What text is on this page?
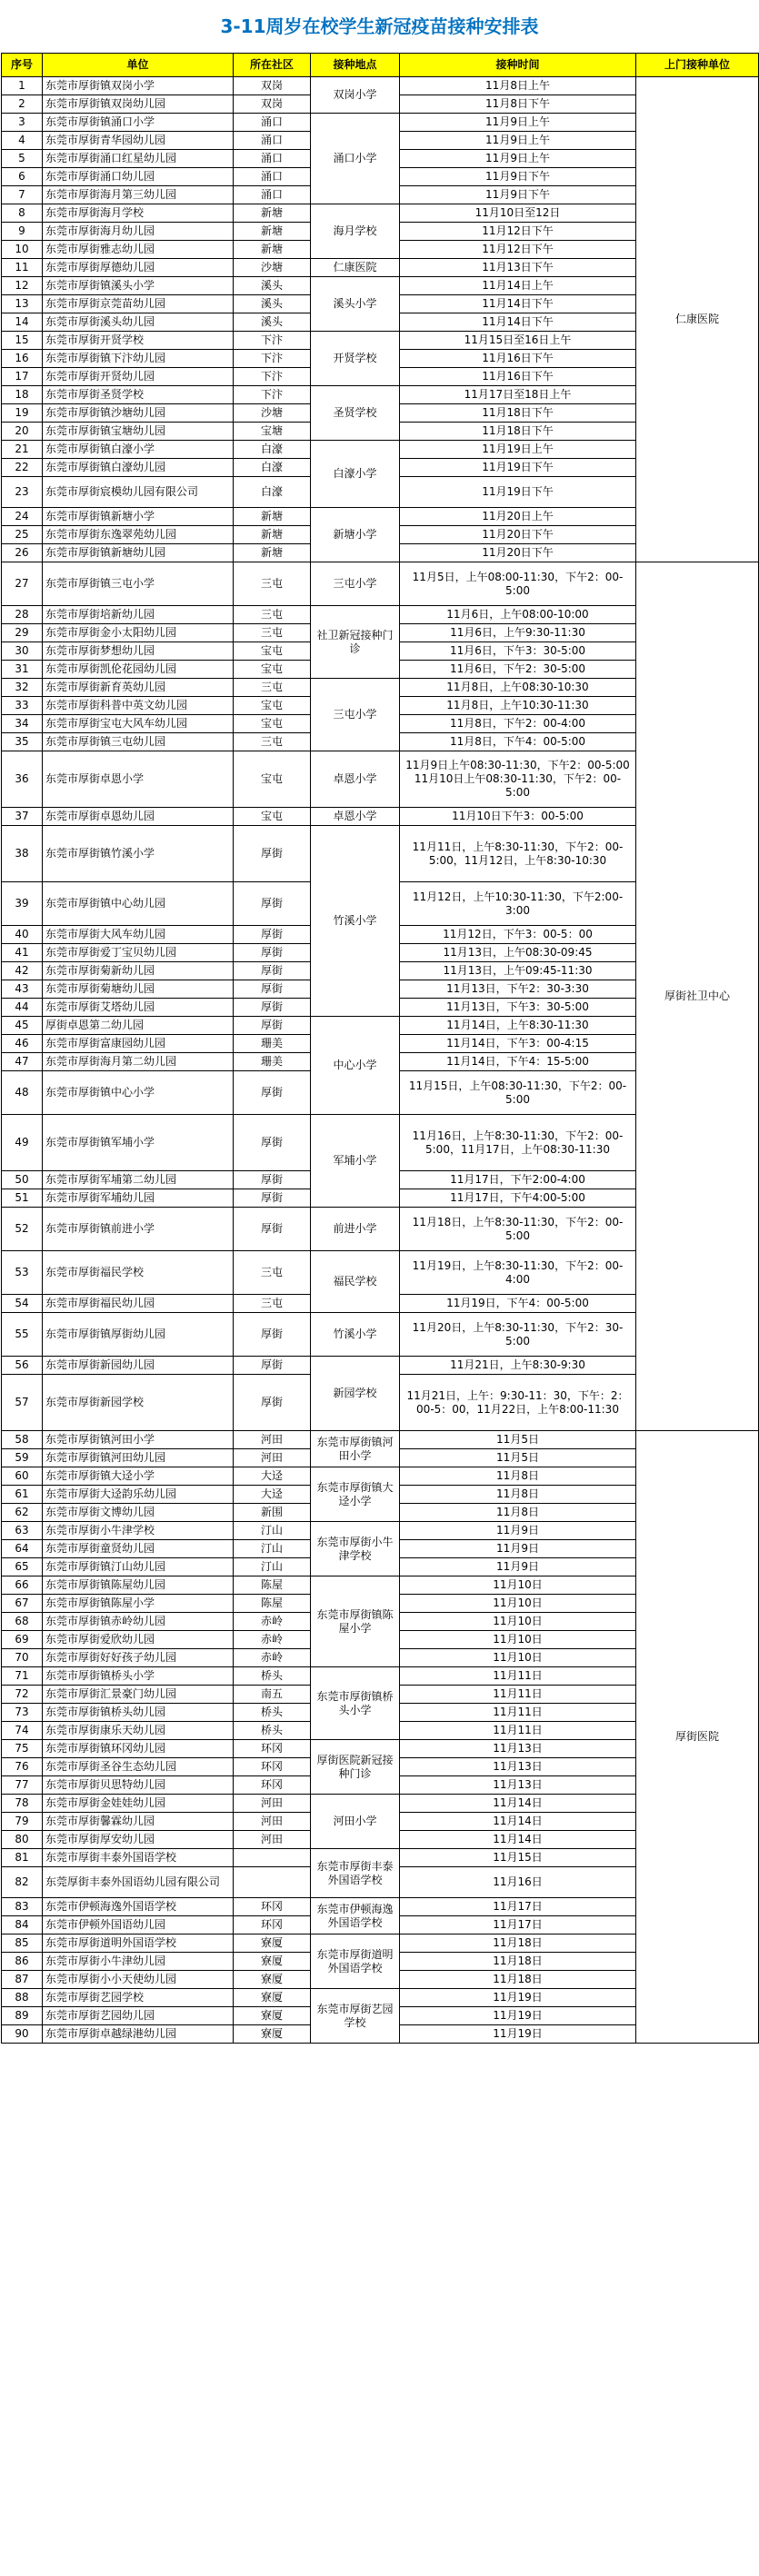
3-11周岁在校学生新冠疫苗接种安排表
序号	单位	所在社区	接种地点	接种时间	上门接种单位
1	东莞市厚街镇双岗小学	双岗	双岗小学	11月8日上午	仁康医院
2	东莞市厚街镇双岗幼儿园	双岗		11月8日下午	
3	东莞市厚街镇涌口小学	涌口	涌口小学	11月9日上午	
4	东莞市厚街青华园幼儿园	涌口		11月9日上午	
5	东莞市厚街涌口红星幼儿园	涌口		11月9日上午	
6	东莞市厚街涌口幼儿园	涌口		11月9日下午	
7	东莞市厚街海月第三幼儿园	涌口		11月9日下午	
8	东莞市厚街海月学校	新塘	海月学校	11月10日至12日	
9	东莞市厚街海月幼儿园	新塘		11月12日下午	
10	东莞市厚街雅志幼儿园	新塘		11月12日下午	
11	东莞市厚街厚德幼儿园	沙塘	仁康医院	11月13日下午	
12	东莞市厚街镇溪头小学	溪头	溪头小学	11月14日上午	
13	东莞市厚街京莞苗幼儿园	溪头		11月14日下午	
14	东莞市厚街溪头幼儿园	溪头		11月14日下午	
15	东莞市厚街开贤学校	下汴	开贤学校	11月15日至16日上午	
16	东莞市厚街镇下汴幼儿园	下汴		11月16日下午	
17	东莞市厚街开贤幼儿园	下汴		11月16日下午	
18	东莞市厚街圣贤学校	下汴	圣贤学校	11月17日至18日上午	
19	东莞市厚街镇沙塘幼儿园	沙塘		11月18日下午	
20	东莞市厚街镇宝塘幼儿园	宝塘		11月18日下午	
21	东莞市厚街镇白濠小学	白濠	白濠小学	11月19日上午	
22	东莞市厚街镇白濠幼儿园	白濠		11月19日下午	
23	东莞市厚街宸模幼儿园有限公司	白濠		11月19日下午	
24	东莞市厚街镇新塘小学	新塘	新塘小学	11月20日上午	
25	东莞市厚街东逸翠苑幼儿园	新塘		11月20日下午	
26	东莞市厚街镇新塘幼儿园	新塘		11月20日下午	
27	东莞市厚街镇三屯小学	三屯	三屯小学	11月5日，上午08:00-11:30，下午2：00-5:00	厚街社卫中心
28	东莞市厚街培新幼儿园	三屯	社卫新冠接种门诊	11月6日，上午08:00-10:00	
29	东莞市厚街金小太阳幼儿园	三屯		11月6日，上午9:30-11:30	
30	东莞市厚街梦想幼儿园	宝屯		11月6日，下午3：30-5:00	
31	东莞市厚街凯伦花园幼儿园	宝屯		11月6日，下午2：30-5:00	
32	东莞市厚街新育英幼儿园	三屯	三屯小学	11月8日，上午08:30-10:30	
33	东莞市厚街科普中英文幼儿园	宝屯		11月8日，上午10:30-11:30	
34	东莞市厚街宝屯大风车幼儿园	宝屯		11月8日，下午2：00-4:00	
35	东莞市厚街镇三屯幼儿园	三屯		11月8日，下午4：00-5:00	
36	东莞市厚街卓恩小学	宝屯	卓恩小学	11月9日上午08:30-11:30，下午2：00-5:00 11月10日上午08:30-11:30，下午2：00-5:00	
37	东莞市厚街卓恩幼儿园	宝屯	卓恩小学	11月10日下午3：00-5:00	
38	东莞市厚街镇竹溪小学	厚街	竹溪小学	11月11日，上午8:30-11:30，下午2：00-5:00，11月12日，上午8:30-10:30	
39	东莞市厚街镇中心幼儿园	厚街		11月12日，上午10:30-11:30，下午2:00-3:00	
40	东莞市厚街大风车幼儿园	厚街		11月12日，下午3：00-5：00	
41	东莞市厚街爱丁宝贝幼儿园	厚街		11月13日，上午08:30-09:45	
42	东莞市厚街菊新幼儿园	厚街		11月13日，上午09:45-11:30	
43	东莞市厚街菊塘幼儿园	厚街		11月13日，下午2：30-3:30	
44	东莞市厚街艾塔幼儿园	厚街		11月13日，下午3：30-5:00	
45	厚街卓恩第二幼儿园	厚街	中心小学	11月14日，上午8:30-11:30	
46	东莞市厚街富康园幼儿园	珊美		11月14日，下午3：00-4:15	
47	东莞市厚街海月第二幼儿园	珊美		11月14日，下午4：15-5:00	
48	东莞市厚街镇中心小学	厚街		11月15日，上午08:30-11:30，下午2：00-5:00	
49	东莞市厚街镇军埔小学	厚街	军埔小学	11月16日，上午8:30-11:30，下午2：00-5:00，11月17日，上午08:30-11:30	
50	东莞市厚街军埔第二幼儿园	厚街		11月17日，下午2:00-4:00	
51	东莞市厚街军埔幼儿园	厚街		11月17日，下午4:00-5:00	
52	东莞市厚街镇前进小学	厚街	前进小学	11月18日，上午8:30-11:30，下午2：00-5:00	
53	东莞市厚街福民学校	三屯	福民学校	11月19日，上午8:30-11:30，下午2：00-4:00	
54	东莞市厚街福民幼儿园	三屯		11月19日，下午4：00-5:00	
55	东莞市厚街镇厚街幼儿园	厚街	竹溪小学	11月20日，上午8:30-11:30，下午2：30-5:00	
56	东莞市厚街新园幼儿园	厚街	新园学校	11月21日，上午8:30-9:30	
57	东莞市厚街新园学校	厚街		11月21日，上午：9:30-11：30，下午：2：00-5：00，11月22日，上午8:00-11:30	
58	东莞市厚街镇河田小学	河田	东莞市厚街镇河田小学	11月5日	厚街医院
59	东莞市厚街镇河田幼儿园	河田		11月5日	
60	东莞市厚街镇大迳小学	大迳	东莞市厚街镇大迳小学	11月8日	
61	东莞市厚街大迳韵乐幼儿园	大迳		11月8日	
62	东莞市厚街文博幼儿园	新围		11月8日	
63	东莞市厚街小牛津学校	汀山	东莞市厚街小牛津学校	11月9日	
64	东莞市厚街童贤幼儿园	汀山		11月9日	
65	东莞市厚街镇汀山幼儿园	汀山		11月9日	
66	东莞市厚街镇陈屋幼儿园	陈屋	东莞市厚街镇陈屋小学	11月10日	
67	东莞市厚街镇陈屋小学	陈屋		11月10日	
68	东莞市厚街镇赤岭幼儿园	赤岭		11月10日	
69	东莞市厚街爱欣幼儿园	赤岭		11月10日	
70	东莞市厚街好好孩子幼儿园	赤岭		11月10日	
71	东莞市厚街镇桥头小学	桥头	东莞市厚街镇桥头小学	11月11日	
72	东莞市厚街汇景豪门幼儿园	南五		11月11日	
73	东莞市厚街镇桥头幼儿园	桥头		11月11日	
74	东莞市厚街康乐天幼儿园	桥头		11月11日	
75	东莞市厚街镇环冈幼儿园	环冈	厚街医院新冠接种门诊	11月13日	
76	东莞市厚街圣谷生态幼儿园	环冈		11月13日	
77	东莞市厚街贝思特幼儿园	环冈		11月13日	
78	东莞市厚街金娃娃幼儿园	河田	河田小学	11月14日	
79	东莞市厚街馨霖幼儿园	河田		11月14日	
80	东莞市厚街厚安幼儿园	河田		11月14日	
81	东莞市厚街丰泰外国语学校		东莞市厚街丰泰外国语学校	11月15日	
82	东莞厚街丰泰外国语幼儿园有限公司			11月16日	
83	东莞市伊顿海逸外国语学校	环冈	东莞市伊顿海逸外国语学校	11月17日	
84	东莞市伊顿外国语幼儿园	环冈		11月17日	
85	东莞市厚街道明外国语学校	寮厦	东莞市厚街道明外国语学校	11月18日	
86	东莞市厚街小牛津幼儿园	寮厦		11月18日	
87	东莞市厚街小小天使幼儿园	寮厦		11月18日	
88	东莞市厚街艺园学校	寮厦	东莞市厚街艺园学校	11月19日	
89	东莞市厚街艺园幼儿园	寮厦		11月19日	
90	东莞市厚街卓越绿港幼儿园	寮厦		11月19日	
